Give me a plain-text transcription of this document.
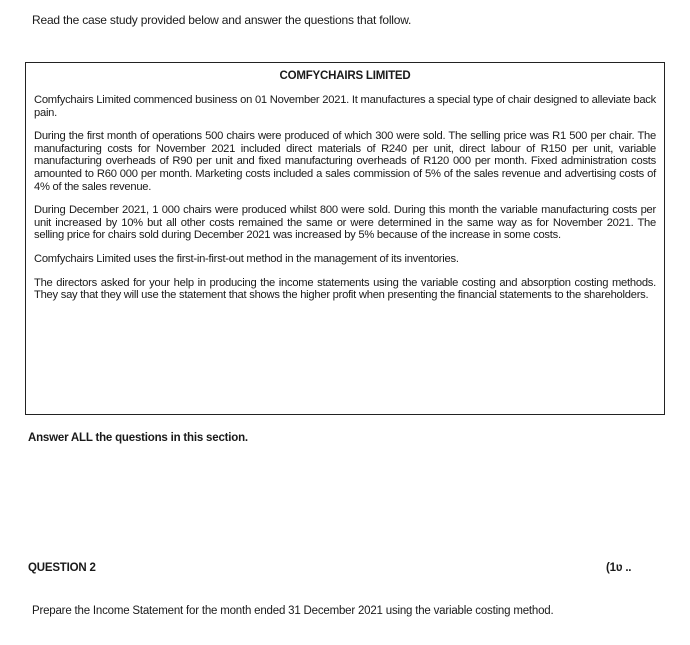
Read the case study provided below and answer the questions that follow.
COMFYCHAIRS LIMITED

Comfychairs Limited commenced business on 01 November 2021. It manufactures a special type of chair designed to alleviate back pain.

During the first month of operations 500 chairs were produced of which 300 were sold. The selling price was R1 500 per chair. The manufacturing costs for November 2021 included direct materials of R240 per unit, direct labour of R150 per unit, variable manufacturing overheads of R90 per unit and fixed manufacturing overheads of R120 000 per month. Fixed administration costs amounted to R60 000 per month. Marketing costs included a sales commission of 5% of the sales revenue and advertising costs of 4% of the sales revenue.

During December 2021, 1 000 chairs were produced whilst 800 were sold. During this month the variable manufacturing costs per unit increased by 10% but all other costs remained the same or were determined in the same way as for November 2021. The selling price for chairs sold during December 2021 was increased by 5% because of the increase in some costs.

Comfychairs Limited uses the first-in-first-out method in the management of its inventories.

The directors asked for your help in producing the income statements using the variable costing and absorption costing methods. They say that they will use the statement that shows the higher profit when presenting the financial statements to the shareholders.

Answer ALL the questions in this section.
QUESTION 2	(1ʋ ..
Prepare the Income Statement for the month ended 31 December 2021 using the variable costing method.
